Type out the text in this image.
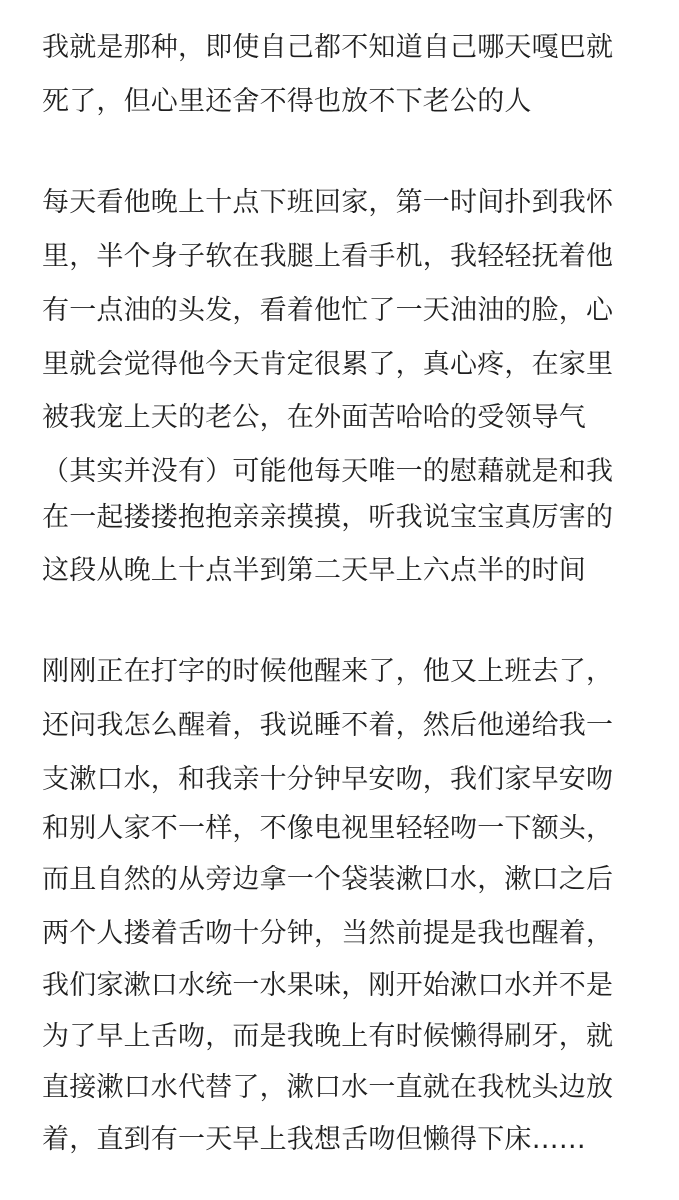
我就是那种，即使自己都不知道自己哪天嘎巴就
死了，但心里还舍不得也放不下老公的人
每天看他晚上十点下班回家，第一时间扑到我怀
里，半个身子软在我腿上看手机，我轻轻抚着他
有一点油的头发，看着他忙了一天油油的脸，心
里就会觉得他今天肯定很累了，真心疼，在家里
被我宠上天的老公，在外面苦哈哈的受领导气
（其实并没有）可能他每天唯一的慰藉就是和我
在一起搂搂抱抱亲亲摸摸，听我说宝宝真厉害的
这段从晚上十点半到第二天早上六点半的时间
刚刚正在打字的时候他醒来了，他又上班去了，
还问我怎么醒着，我说睡不着，然后他递给我一
支漱口水，和我亲十分钟早安吻，我们家早安吻
和别人家不一样，不像电视里轻轻吻一下额头，
而且自然的从旁边拿一个袋装漱口水，漱口之后
两个人搂着舌吻十分钟，当然前提是我也醒着，
我们家漱口水统一水果味，刚开始漱口水并不是
为了早上舌吻，而是我晚上有时候懒得刷牙，就
直接漱口水代替了，漱口水一直就在我枕头边放
着，直到有一天早上我想舌吻但懒得下床……
